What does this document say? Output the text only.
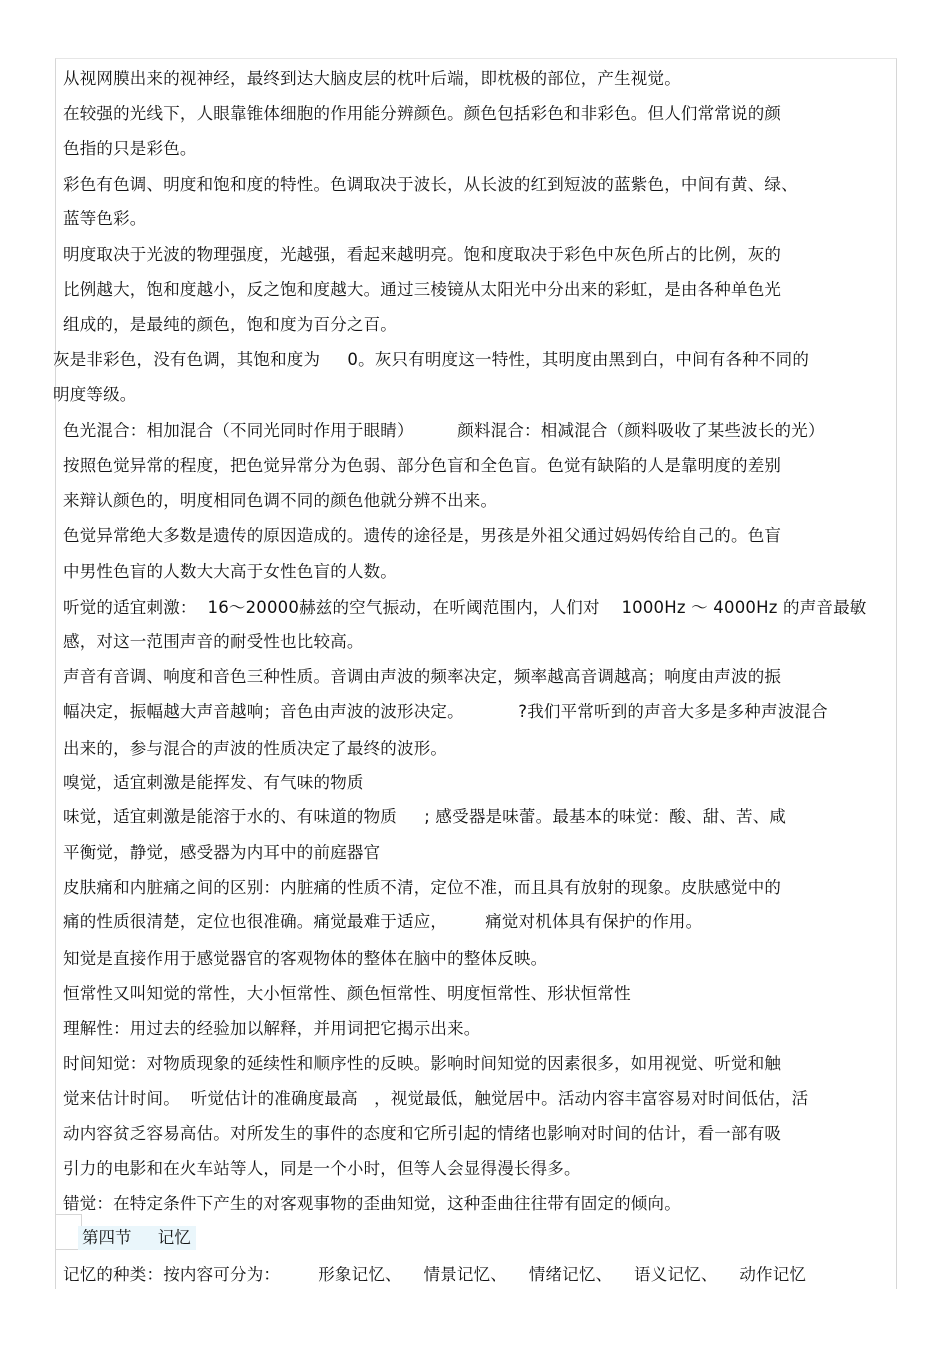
从视网膜出来的视神经，最终到达大脑皮层的枕叶后端，即枕极的部位，产生视觉。
在较强的光线下，人眼靠锥体细胞的作用能分辨颜色。颜色包括彩色和非彩色。但人们常常说的颜
色指的只是彩色。
彩色有色调、明度和饱和度的特性。色调取决于波长，从长波的红到短波的蓝紫色，中间有黄、绿、
蓝等色彩。
明度取决于光波的物理强度，光越强，看起来越明亮。饱和度取决于彩色中灰色所占的比例，灰的
比例越大，饱和度越小，反之饱和度越大。通过三棱镜从太阳光中分出来的彩虹，是由各种单色光
组成的，是最纯的颜色，饱和度为百分之百。
灰是非彩色，没有色调，其饱和度为     0。灰只有明度这一特性，其明度由黑到白，中间有各种不同的
明度等级。
色光混合：相加混合（不同光同时作用于眼睛）        颜料混合：相减混合（颜料吸收了某些波长的光）
按照色觉异常的程度，把色觉异常分为色弱、部分色盲和全色盲。色觉有缺陷的人是靠明度的差别
来辩认颜色的，明度相同色调不同的颜色他就分辨不出来。
色觉异常绝大多数是遗传的原因造成的。遗传的途径是，男孩是外祖父通过妈妈传给自己的。色盲
中男性色盲的人数大大高于女性色盲的人数。
听觉的适宜刺激：  16～20000赫兹的空气振动，在听阈范围内，人们对    1000Hz ～ 4000Hz 的声音最敏
感，对这一范围声音的耐受性也比较高。
声音有音调、响度和音色三种性质。音调由声波的频率决定，频率越高音调越高；响度由声波的振
幅决定，振幅越大声音越响；音色由声波的波形决定。          ?我们平常听到的声音大多是多种声波混合
出来的，参与混合的声波的性质决定了最终的波形。
嗅觉，适宜刺激是能挥发、有气味的物质
味觉，适宜刺激是能溶于水的、有味道的物质     ; 感受器是味蕾。最基本的味觉：酸、甜、苦、咸
平衡觉，静觉，感受器为内耳中的前庭器官
皮肤痛和内脏痛之间的区别：内脏痛的性质不清，定位不准，而且具有放射的现象。皮肤感觉中的
痛的性质很清楚，定位也很准确。痛觉最难于适应，       痛觉对机体具有保护的作用。
知觉是直接作用于感觉器官的客观物体的整体在脑中的整体反映。
恒常性又叫知觉的常性，大小恒常性、颜色恒常性、明度恒常性、形状恒常性
理解性：用过去的经验加以解释，并用词把它揭示出来。
时间知觉：对物质现象的延续性和顺序性的反映。影响时间知觉的因素很多，如用视觉、听觉和触
觉来估计时间。  听觉估计的准确度最高   ，视觉最低，触觉居中。活动内容丰富容易对时间低估，活
动内容贫乏容易高估。对所发生的事件的态度和它所引起的情绪也影响对时间的估计，看一部有吸
引力的电影和在火车站等人，同是一个小时，但等人会显得漫长得多。
错觉：在特定条件下产生的对客观事物的歪曲知觉，这种歪曲往往带有固定的倾向。
第四节     记忆
记忆的种类：按内容可分为：       形象记忆、    情景记忆、    情绪记忆、    语义记忆、    动作记忆
